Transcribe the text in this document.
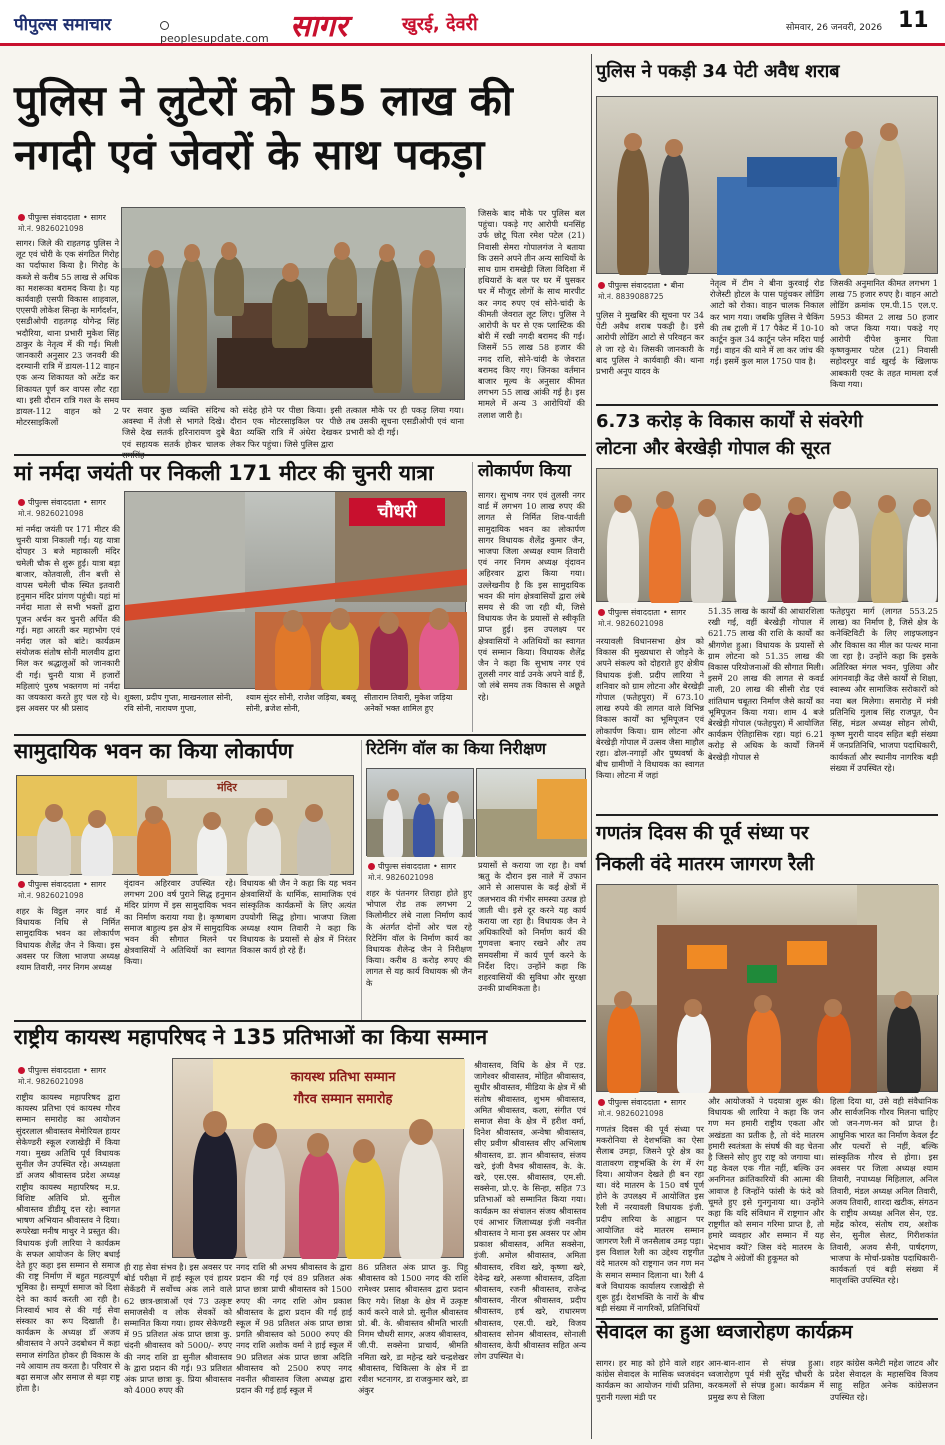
पीपुल्स समाचार
peoplesupdate.com सागर	खुरई, देवरी	सोमवार, 26 जनवरी, 2026 11
पुलिस ने लुटेरों को 55 लाख की
नगदी एवं जेवरों के साथ पकड़ा
पीपुल्स संवाददाता • सागर
मो.नं. 9826021098
सागर। जिले की राहतगढ़ पुलिस ने लूट एवं चोरी के एक संगठित गिरोह का पर्दाफाश किया है। गिरोह के कब्जे से करीब 55 लाख से अधिक का मशरूका बरामद किया है। यह कार्यवाही एसपी विकास शाहवाल, एएसपी लोकेश सिन्हा के मार्गदर्शन, एसडीओपी राहतगढ़ योगेन्द्र सिंह भदौरिया, थाना प्रभारी मुकेश सिंह ठाकुर के नेतृत्व में की गई। मिली जानकारी अनुसार 23 जनवरी की दरम्यानी रात्रि में डायल-112 वाहन एक अन्य शिकायत को अटेंड कर शिकायत पूर्ण कर वापस लौट रहा था। इसी दौरान रात्रि गश्त के समय डायल-112 वाहन को 2 मोटरसाइकिलों
पर सवार कुछ व्यक्ति संदिग्ध अवस्था में तेजी से भागते दिखे। जिसे देख सतर्क हरिनारायण दुबे एवं सहायक सतर्क होकर चालक
को संदेह होने पर पीछा किया। इसी दौरान एक मोटरसाइकिल पर पीछे बैठा व्यक्ति रात्रि में अंधेरा देखकर लेकर फिर पहुंचा। जिसे पुलिस द्वारा
तत्काल मौके पर ही पकड़ लिया गया। तब उसकी सूचना एसडीओपी एवं थाना प्रभारी को दी गई।
जिसके बाद मौके पर पुलिस बल पहुंचा। पकड़े गए आरोपी धनसिंह उर्फ छोटू पिता रमेश पटेल (21) निवासी सेमरा गोपालगंज ने बताया कि उसने अपने तीन अन्य साथियों के साथ ग्राम रामखेड़ी जिला विदिशा में हथियारों के बल पर घर में घुसकर घर में मौजूद लोगों के साथ मारपीट कर नगद रुपए एवं सोने-चांदी के कीमती जेवरात लूट लिए। पुलिस ने आरोपी के घर से एक प्लास्टिक की बोरी में रखी नगदी बरामद की गई। जिसमें 55 लाख 58 हजार की नगद राशि, सोने-चांदी के जेवरात बरामद किए गए। जिनका वर्तमान बाजार मूल्य के अनुसार कीमत लगभग 55 लाख आंकी गई है। इस मामले में अन्य 3 आरोपियों की तलाश जारी है।
मां नर्मदा जयंती पर निकली 171 मीटर की चुनरी यात्रा
पीपुल्स संवाददाता • सागर
मो.नं. 9826021098
मां नर्मदा जयंती पर 171 मीटर की चुनरी यात्रा निकाली गई। यह यात्रा दोपहर 3 बजे महाकाली मंदिर चमेली चौक से शुरू हुई। यात्रा बड़ा बाजार, कोतवाली, तीन बत्ती से वापस चमेली चौक स्थित इतवारी हनुमान मंदिर प्रांगण पहुंची। यहां मां नर्मदा माता से सभी भक्तों द्वारा पूजन अर्चन कर चुनरी अर्पित की गई। महा आरती कर महाभोग एवं नर्मदा जल को बांटे। कार्यक्रम संयोजक संतोष सोनी मालवीय द्वारा मिल कर श्रद्धालुओं को जानकारी दी गई। चुनरी यात्रा में हजारों महिलाएं पुरुष भक्तगण मां नर्मदा का जयकारा करते हुए चल रहे थे। इस अवसर पर श्री प्रसाद
चौधरी
शुक्ला, प्रदीप गुप्ता, माखनलाल सोनी, रवि सोनी, नारायण गुप्ता,
श्याम सुंदर सोनी, राजेश जड़िया, बबलू सोनी, ब्रजेश सोनी,
सीताराम तिवारी, मुकेश जड़िया अनेकों भक्त शामिल हुए
लोकार्पण किया
सागर। सुभाष नगर एवं तुलसी नगर वार्ड में लगभग 10 लाख रुपए की लागत से निर्मित शिव-पार्वती सामुदायिक भवन का लोकार्पण सागर विधायक शैलेंद्र कुमार जैन, भाजपा जिला अध्यक्ष श्याम तिवारी एवं नगर निगम अध्यक्ष वृंदावन अहिरवार द्वारा किया गया। उल्लेखनीय है कि इस सामुदायिक भवन की मांग क्षेत्रवासियों द्वारा लंबे समय से की जा रही थी, जिसे विधायक जैन के प्रयासों से स्वीकृति प्राप्त हुई। इस उपलक्ष्य पर क्षेत्रवासियों ने अतिथियों का स्वागत एवं सम्मान किया। विधायक शैलेंद्र जैन ने कहा कि सुभाष नगर एवं तुलसी नगर वार्ड उनके अपने वार्ड हैं, जो लंबे समय तक विकास से अछूते रहे।
सामुदायिक भवन का किया लोकार्पण
मंदिर
पीपुल्स संवाददाता • सागर
मो.नं. 9826021098
शहर के विट्ठल नगर वार्ड में विधायक निधि से निर्मित सामुदायिक भवन का लोकार्पण विधायक शैलेंद्र जैन ने किया। इस अवसर पर जिला भाजपा अध्यक्ष श्याम तिवारी, नगर निगम अध्यक्ष
वृंदावन अहिरवार उपस्थित रहे। लगभग 200 वर्ष पुराने सिद्ध हनुमान मंदिर प्रांगण में इस सामुदायिक भवन का निर्माण कराया गया है। कृष्णबाग समाज बाहुल्य इस क्षेत्र में सामुदायिक भवन की सौगात मिलने पर क्षेत्रवासियों ने अतिथियों का स्वागत किया।
विधायक श्री जैन ने कहा कि यह भवन क्षेत्रवासियों के धार्मिक, सामाजिक एवं सांस्कृतिक कार्यक्रमों के लिए अत्यंत उपयोगी सिद्ध होगा। भाजपा जिला अध्यक्ष श्याम तिवारी ने कहा कि विधायक के प्रयासों से क्षेत्र में निरंतर विकास कार्य हो रहे हैं।
रिटेनिंग वॉल का किया निरीक्षण
पीपुल्स संवाददाता • सागर
मो.नं. 9826021098
शहर के पंतनगर तिराहा होते हुए भोपाल रोड तक लगभग 2 किलोमीटर लंबे नाला निर्माण कार्य के अंतर्गत दोनों ओर चल रहे रिटेनिंग वॉल के निर्माण कार्य का विधायक शैलेन्द्र जैन ने निरीक्षण किया। करीब 8 करोड़ रुपए की लागत से यह कार्य विधायक श्री जैन के
प्रयासों से कराया जा रहा है। वर्षा ऋतु के दौरान इस नाले में उफान आने से आसपास के कई क्षेत्रों में जलभराव की गंभीर समस्या उत्पन्न हो जाती थी। इसे दूर करने यह कार्य कराया जा रहा है। विधायक जैन ने अधिकारियों को निर्माण कार्य की गुणवत्ता बनाए रखने और तय समयसीमा में कार्य पूर्ण करने के निर्देश दिए। उन्होंने कहा कि शहरवासियों की सुविधा और सुरक्षा उनकी प्राथमिकता है।
राष्ट्रीय कायस्थ महापरिषद ने 135 प्रतिभाओं का किया सम्मान
पीपुल्स संवाददाता • सागर
मो.नं. 9826021098
राष्ट्रीय कायस्थ महापरिषद द्वारा कायस्थ प्रतिभा एवं कायस्थ गौरव सम्मान समारोह का आयोजन सुंदरलाल श्रीवास्तव मेमोरियल हायर सेकेण्डरी स्कूल रजाखेड़ी में किया गया। मुख्य अतिथि पूर्व विधायक सुनील जैन उपस्थित रहे। अध्यक्षता डॉ अजय श्रीवास्तव प्रदेश अध्यक्ष राष्ट्रीय कायस्थ महापरिषद म.प्र. विशिष्ट अतिथि प्रो. सुनील श्रीवास्तव डीडीयू दत्त रहे। स्वागत भाषण अभियान श्रीवास्तव ने दिया। रूपरेखा मनीष माथुर ने प्रस्तुत की। विधायक इंजी लारिया ने कार्यक्रम के सफल आयोजन के लिए बधाई देते हुए कहा इस सम्मान से समाज की राष्ट्र निर्माण में बहुत महत्वपूर्ण भूमिका है। सम्पूर्ण समाज को दिशा देने का कार्य करती आ रही है। निःस्वार्थ भाव से की गई सेवा संस्कार का रूप दिखाती है। कार्यक्रम के अध्यक्ष डॉ अजय श्रीवास्तव ने अपने उदबोधन में कहा समाज संगठित होकर ही विकास के नये आयाम तय करता है। परिवार से बढ़ा समाज और समाज से बड़ा राष्ट्र होता है।
कायस्थ प्रतिभा सम्मान
गौरव सम्मान समारोह
ही राह सेवा संभव है। इस अवसर पर बोर्ड परीक्षा में हाई स्कूल एवं हायर सेकेंडरी में सर्वोच्च अंक लाने वाले 62 छात्र-छात्राओं एवं 73 उत्कृष्ट समाजसेवी व लोक सेवकों को सम्मानित किया गया। हायर सेकेण्डरी में 95 प्रतिशत अंक प्राप्त छात्रा कु. चंदनी श्रीवास्तव को 5000/- रुपए की नगद राशि डा सुनील श्रीवास्तव के द्वारा प्रदान की गई। 93 प्रतिशत अंक प्राप्त छात्रा कु. प्रिया श्रीवास्तव को 4000 रुपए की
नगद राशि श्री अभय श्रीवास्तव के द्वारा प्रदान की गई एवं 89 प्रतिशत अंक प्राप्त छात्रा प्राची श्रीवास्तव को 1500 रुपए की नगद राशि ओम प्रकाश श्रीवास्तव के द्वारा प्रदान की गई हाई स्कूल में 98 प्रतिशत अंक प्राप्त छात्रा प्रगति श्रीवास्तव को 5000 रुपए की नगद राशि अशोक वर्मा ने हाई स्कूल में 90 प्रतिशत अंक प्राप्त छात्रा अदिति श्रीवास्तव को 2500 रुपए नगद नवनीत श्रीवास्तव जिला अध्यक्ष द्वारा प्रदान की गई हाई स्कूल में
86 प्रतिशत अंक प्राप्त कु. पिहू श्रीवास्तव को 1500 नगद की राशि रामेश्वर प्रसाद श्रीवास्तव द्वारा प्रदान किए गये। शिक्षा के क्षेत्र में उत्कृष्ट कार्य करने वाले प्रो. सुनील श्रीवास्तव प्रो. बी. के. श्रीवास्तव श्रीमति भारती निगम चौधरी सागर, अजय श्रीवास्तव, जी.पी. सक्सेना प्राचार्य, श्रीमति नमिता खरे, डा महेन्द्र खरे चन्द्रशेखर श्रीवास्तव, चिकित्सा के क्षेत्र में डा रवीश भटनागर, डा राजकुमार खरे, डा अंकुर
श्रीवास्तव, विधि के क्षेत्र में एड. जागेश्वर श्रीवास्तव, मोहित श्रीवास्तव, सुधीर श्रीवास्तव, मीडिया के क्षेत्र में श्री संतोष श्रीवास्तव, शुभम श्रीवास्तव, अमित श्रीवास्तव, कला, संगीत एवं समाज सेवा के क्षेत्र में हरीश वर्मा, दिनेश श्रीवास्तव, अन्वेषा श्रीवास्तव, सीए प्रवीण श्रीवास्तव सीए अभिलाष श्रीवास्तव, डा. ज्ञान श्रीवास्तव, संजय खरे, इंजी वैभव श्रीवास्तव, के. के. खरे, एस.एस. श्रीवास्तव, एम.सी. सक्सेना, प्रो.ए. के सिन्हा, सहित 73 प्रतिभाओं को सम्मानित किया गया। कार्यक्रम का संचालन संजय श्रीवास्तव एवं आभार जिलाध्यक्ष इंजी नवनीत श्रीवास्तव ने माना इस अवसर पर ओम प्रकाश श्रीवास्तव, अमित सक्सेना, इंजी. अमोल श्रीवास्तव, अमिता श्रीवास्तव, रविश खरे, कृष्णा खरे, देवेन्द्र खरे, अरूणा श्रीवास्तव, उदिता श्रीवास्तव, रजनी श्रीवास्तव, राजेन्द्र श्रीवास्तव, नीरज श्रीवास्तव, प्रदीप श्रीवास्तव, हर्ष खरे, राधारमण श्रीवास्तव, एस.पी. खरे, विजय श्रीवास्तव सोनम श्रीवास्तव, सोनाली श्रीवास्तव, केपी श्रीवास्तव सहित अन्य लोग उपस्थित थे।
पुलिस ने पकड़ी 34 पेटी अवैध शराब
पीपुल्स संवाददाता • बीना
मो.नं. 8839088725
पुलिस ने मुखबिर की सूचना पर 34 पेटी अवैध शराब पकड़ी है। इसे आरोपी लोडिंग आटो से परिवहन कर ले जा रहे थे। जिसकी जानकारी के बाद पुलिस ने कार्यवाही की। थाना प्रभारी अनूप यादव के
नेतृत्व में टीम ने बीना कुरवाई रोड रोजेस्टी होटल के पास पहुंचकर लोडिंग आटो को रोका। वाहन चालक निकाल कर भाग गया। जबकि पुलिस ने चैकिंग की तब ट्राली में 17 पैकेट में 10-10 कार्टून कुल 34 कार्टून प्लेन मदिरा पाई गई। वाहन की थाने में ला कर जांच की गई। इसमें कुल माल 1750 पाव है।
जिसकी अनुमानित कीमत लगभग 1 लाख 75 हजार रुपए है। वाहन आटो लोडिंग क्रमांक एम.पी.15 एल.ए. 5953 कीमत 2 लाख 50 हजार को जप्त किया गया। पकड़े गए आरोपी दीपेश कुमार पिता कृष्णकुमार पटेल (21) निवासी सहोदरपुर वार्ड खुरई के खिलाफ आबकारी एक्ट के तहत मामला दर्ज किया गया।
6.73 करोड़ के विकास कार्यों से संवरेगी
लोटना और बेरखेड़ी गोपाल की सूरत
पीपुल्स संवाददाता • सागर
मो.नं. 9826021098
नरयावली विधानसभा क्षेत्र को विकास की मुख्यधारा से जोड़ने के अपने संकल्प को दोहराते हुए क्षेत्रीय विधायक इंजी. प्रदीप लारिया ने शनिवार को ग्राम लोटना और बेरखेड़ी गोपाल (फतेहपुरा) में 673.10 लाख रुपये की लागत वाले विभिन्न विकास कार्यों का भूमिपूजन एवं लोकार्पण किया। ग्राम लोटना और बेरखेड़ी गोपाल में उत्सव जैसा माहौल रहा। ढोल-नगाड़ों और पुष्पवर्षा के बीच ग्रामीणों ने विधायक का स्वागत किया। लोटना में जहां
51.35 लाख के कार्यों की आधारशिला रखी गई, वहीं बेरखेड़ी गोपाल में 621.75 लाख की राशि के कार्यों का श्रीगणेश हुआ। विधायक के प्रयासों से ग्राम लोटना को 51.35 लाख की विकास परियोजनाओं की सौगात मिली। इसमें 20 लाख की लागत से कवर्ड नाली, 20 लाख की सीसी रोड एवं शांतिधाम चबूतरा निर्माण जैसे कार्यों का भूमिपूजन किया गया। शाम 4 बजे बेरखेड़ी गोपाल (फतेहपुरा) में आयोजित कार्यक्रम ऐतिहासिक रहा। यहां 6.21 करोड़ से अधिक के कार्यों जिनमें बेरखेड़ी गोपाल से
फतेहपुरा मार्ग (लागत 553.25 लाख) का निर्माण है, जिसे क्षेत्र के कनेक्टिविटी के लिए लाइफलाइन और विकास का मील का पत्थर माना जा रहा है। उन्होंने कहा कि इसके अतिरिक्त मंगल भवन, पुलिया और आंगनवाड़ी केंद्र जैसे कार्यों से शिक्षा, स्वास्थ्य और सामाजिक सरोकारों को नया बल मिलेगा। समारोह में मंत्री प्रतिनिधि गुलाब सिंह राजपूत, पैन सिंह, मंडल अध्यक्ष सोहन लोधी, कृष्ण मुरारी यादव सहित बड़ी संख्या में जनप्रतिनिधि, भाजपा पदाधिकारी, कार्यकर्ता और स्थानीय नागरिक बड़ी संख्या में उपस्थित रहे।
गणतंत्र दिवस की पूर्व संध्या पर
निकली वंदे मातरम जागरण रैली
पीपुल्स संवाददाता • सागर
मो.नं. 9826021098
गणतंत्र दिवस की पूर्व संध्या पर मकरोनिया से देशभक्ति का ऐसा सैलाब उमड़ा, जिसने पूरे क्षेत्र का वातावरण राष्ट्रभक्ति के रंग में रंग दिया। आयोजन देखते ही बन रहा था। वंदे मातरम के 150 वर्ष पूर्ण होने के उपलक्ष्य में आयोजित इस रैली में नरयावली विधायक इंजी. प्रदीप लारिया के आह्वान पर आयोजित वंदे मातरम सम्मान जागरण रैली में जनसैलाब उमड़ पड़ा। इस विशाल रैली का उद्देश्य राष्ट्रगीत वंदे मातरम को राष्ट्रगान जन गण मन के समान सम्मान दिलाना था। रैली 4 बजे विधायक कार्यालय रजाखेड़ी से शुरू हुई। देशभक्ति के नारों के बीच बड़ी संख्या में नागरिकों, प्रतिनिधियों
और आयोजकों ने पदयात्रा शुरू की। विधायक श्री लारिया ने कहा कि जन गण मन हमारी राष्ट्रीय एकता और अखंडता का प्रतीक है, तो वंदे मातरम हमारी स्वतंत्रता के संघर्ष की वह चेतना है जिसने सोए हुए राष्ट्र को जगाया था। यह केवल एक गीत नहीं, बल्कि उन अनगिनत क्रांतिकारियों की आत्मा की आवाज है जिन्होंने फांसी के फंदे को चूमते हुए इसे गुनगुनाया था। उन्होंने कहा कि यदि संविधान में राष्ट्रगान और राष्ट्रगीत को समान गरिमा प्राप्त है, तो हमारे व्यवहार और सम्मान में यह भेदभाव क्यों? जिस वंदे मातरम के उद्घोष ने अंग्रेजों की हुकूमत को
हिला दिया था, उसे वही संवैधानिक और सार्वजनिक गौरव मिलना चाहिए जो जन-गण-मन को प्राप्त है। आधुनिक भारत का निर्माण केवल ईंट और पत्थरों से नहीं, बल्कि सांस्कृतिक गौरव से होगा। इस अवसर पर जिला अध्यक्ष श्याम तिवारी, नपाध्यक्ष मिहिलाल, अनिल तिवारी, मंडल अध्यक्ष अनिल तिवारी, अजय तिवारी, शारदा खटीक, संगठन के राष्ट्रीय अध्यक्ष अनिल सेन, एड. महेंद्र कोरव, संतोष राय, अशोक सेन, सुनील सेलट, गिरीशकांत तिवारी, अजय सैनी, पार्षदगण, भाजपा के मोर्चा-प्रकोष्ठ पदाधिकारी-कार्यकर्ता एवं बड़ी संख्या में मातृशक्ति उपस्थित रहे।
सेवादल का हुआ ध्वजारोहण कार्यक्रम
सागर। हर माह को होने वाले शहर कांग्रेस सेवादल के मासिक ध्वजवंदन कार्यक्रम का आयोजन गांधी प्रतिमा, पुरानी गल्ला मंडी पर
आन-बान-शान से संपन्न हुआ। ध्वजारोहण पूर्व मंत्री सुरेंद्र चौधरी के करकमलों से संपन्न हुआ। कार्यक्रम में प्रमुख रूप से जिला
शहर कांग्रेस कमेटी महेश जाटव और प्रदेश सेवादल के महासचिव विजय साहू सहित अनेक कांग्रेसजन उपस्थित रहे।
